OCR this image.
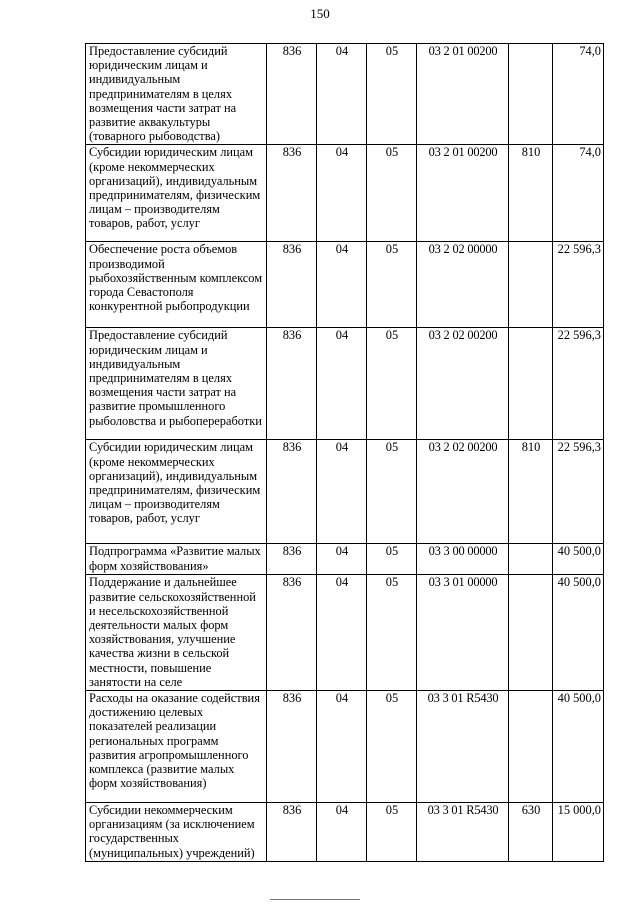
150
Предоставление субсидий юридическим лицам и индивидуальным предпринимателям в целях возмещения части затрат на развитие аквакультуры (товарного рыбоводства)	836	04	05	03 2 01 00200		74,0
Субсидии юридическим лицам (кроме некоммерческих организаций), индивидуальным предпринимателям, физическим лицам – производителям товаров, работ, услуг	836	04	05	03 2 01 00200	810	74,0
Обеспечение роста объемов производимой рыбохозяйственным комплексом города Севастополя конкурентной рыбопродукции	836	04	05	03 2 02 00000		22 596,3
Предоставление субсидий юридическим лицам и индивидуальным предпринимателям в целях возмещения части затрат на развитие промышленного рыболовства и рыбопереработки	836	04	05	03 2 02 00200		22 596,3
Субсидии юридическим лицам (кроме некоммерческих организаций), индивидуальным предпринимателям, физическим лицам – производителям товаров, работ, услуг	836	04	05	03 2 02 00200	810	22 596,3
Подпрограмма «Развитие малых форм хозяйствования»	836	04	05	03 3 00 00000		40 500,0
Поддержание и дальнейшее развитие сельскохозяйственной и несельскохозяйственной деятельности малых форм хозяйствования, улучшение качества жизни в сельской местности, повышение занятости на селе	836	04	05	03 3 01 00000		40 500,0
Расходы на оказание содействия достижению целевых показателей реализации региональных программ развития агропромышленного комплекса (развитие малых форм хозяйствования)	836	04	05	03 3 01 R5430		40 500,0
Субсидии некоммерческим организациям (за исключением государственных (муниципальных) учреждений)	836	04	05	03 3 01 R5430	630	15 000,0
